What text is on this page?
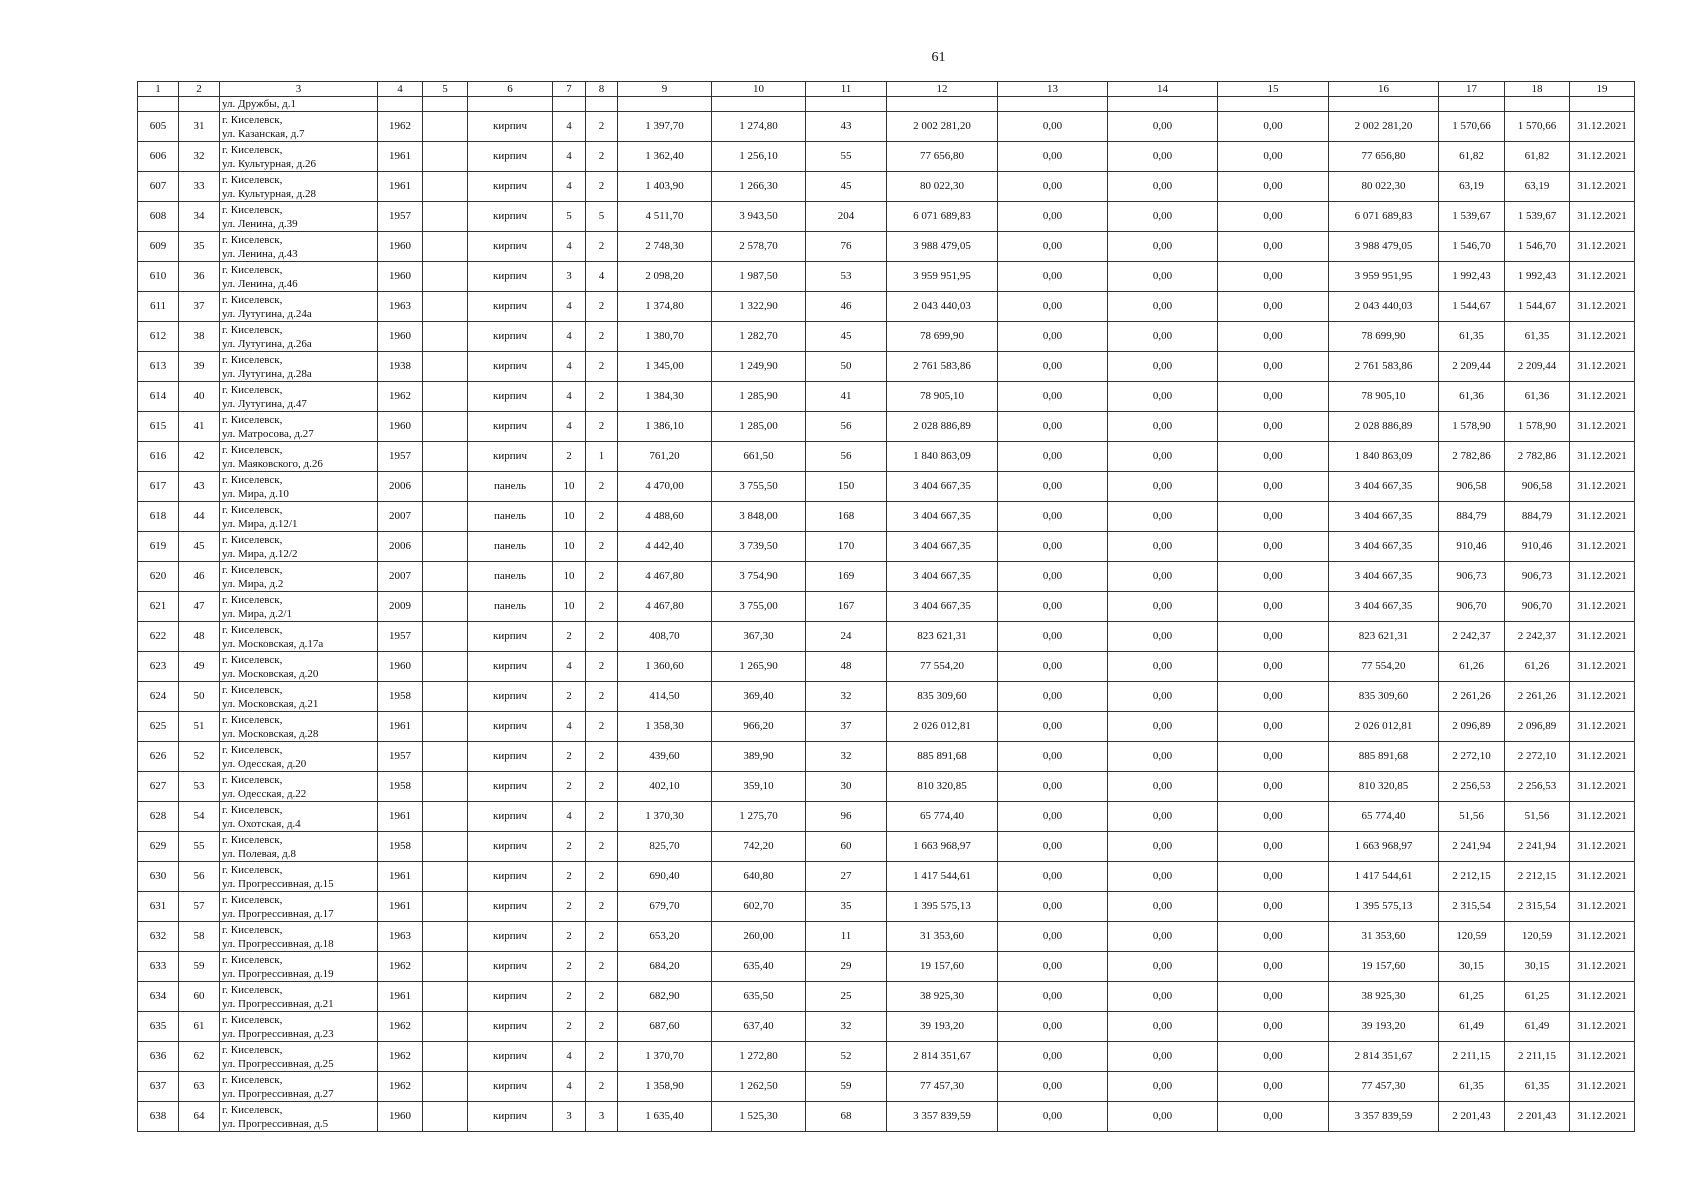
61
1	2	3	4	5	6	7	8	9	10	11	12	13	14	15	16	17	18	19
		ул. Дружбы, д.1																
605	31	г. Киселевск,
ул. Казанская, д.7	1962		кирпич	4	2	1 397,70	1 274,80	43	2 002 281,20	0,00	0,00	0,00	2 002 281,20	1 570,66	1 570,66	31.12.2021
606	32	г. Киселевск,
ул. Культурная, д.26	1961		кирпич	4	2	1 362,40	1 256,10	55	77 656,80	0,00	0,00	0,00	77 656,80	61,82	61,82	31.12.2021
607	33	г. Киселевск,
ул. Культурная, д.28	1961		кирпич	4	2	1 403,90	1 266,30	45	80 022,30	0,00	0,00	0,00	80 022,30	63,19	63,19	31.12.2021
608	34	г. Киселевск,
ул. Ленина, д.39	1957		кирпич	5	5	4 511,70	3 943,50	204	6 071 689,83	0,00	0,00	0,00	6 071 689,83	1 539,67	1 539,67	31.12.2021
609	35	г. Киселевск,
ул. Ленина, д.43	1960		кирпич	4	2	2 748,30	2 578,70	76	3 988 479,05	0,00	0,00	0,00	3 988 479,05	1 546,70	1 546,70	31.12.2021
610	36	г. Киселевск,
ул. Ленина, д.46	1960		кирпич	3	4	2 098,20	1 987,50	53	3 959 951,95	0,00	0,00	0,00	3 959 951,95	1 992,43	1 992,43	31.12.2021
611	37	г. Киселевск,
ул. Лутугина, д.24а	1963		кирпич	4	2	1 374,80	1 322,90	46	2 043 440,03	0,00	0,00	0,00	2 043 440,03	1 544,67	1 544,67	31.12.2021
612	38	г. Киселевск,
ул. Лутугина, д.26а	1960		кирпич	4	2	1 380,70	1 282,70	45	78 699,90	0,00	0,00	0,00	78 699,90	61,35	61,35	31.12.2021
613	39	г. Киселевск,
ул. Лутугина, д.28а	1938		кирпич	4	2	1 345,00	1 249,90	50	2 761 583,86	0,00	0,00	0,00	2 761 583,86	2 209,44	2 209,44	31.12.2021
614	40	г. Киселевск,
ул. Лутугина, д.47	1962		кирпич	4	2	1 384,30	1 285,90	41	78 905,10	0,00	0,00	0,00	78 905,10	61,36	61,36	31.12.2021
615	41	г. Киселевск,
ул. Матросова, д.27	1960		кирпич	4	2	1 386,10	1 285,00	56	2 028 886,89	0,00	0,00	0,00	2 028 886,89	1 578,90	1 578,90	31.12.2021
616	42	г. Киселевск,
ул. Маяковского, д.26	1957		кирпич	2	1	761,20	661,50	56	1 840 863,09	0,00	0,00	0,00	1 840 863,09	2 782,86	2 782,86	31.12.2021
617	43	г. Киселевск,
ул. Мира, д.10	2006		панель	10	2	4 470,00	3 755,50	150	3 404 667,35	0,00	0,00	0,00	3 404 667,35	906,58	906,58	31.12.2021
618	44	г. Киселевск,
ул. Мира, д.12/1	2007		панель	10	2	4 488,60	3 848,00	168	3 404 667,35	0,00	0,00	0,00	3 404 667,35	884,79	884,79	31.12.2021
619	45	г. Киселевск,
ул. Мира, д.12/2	2006		панель	10	2	4 442,40	3 739,50	170	3 404 667,35	0,00	0,00	0,00	3 404 667,35	910,46	910,46	31.12.2021
620	46	г. Киселевск,
ул. Мира, д.2	2007		панель	10	2	4 467,80	3 754,90	169	3 404 667,35	0,00	0,00	0,00	3 404 667,35	906,73	906,73	31.12.2021
621	47	г. Киселевск,
ул. Мира, д.2/1	2009		панель	10	2	4 467,80	3 755,00	167	3 404 667,35	0,00	0,00	0,00	3 404 667,35	906,70	906,70	31.12.2021
622	48	г. Киселевск,
ул. Московская, д.17а	1957		кирпич	2	2	408,70	367,30	24	823 621,31	0,00	0,00	0,00	823 621,31	2 242,37	2 242,37	31.12.2021
623	49	г. Киселевск,
ул. Московская, д.20	1960		кирпич	4	2	1 360,60	1 265,90	48	77 554,20	0,00	0,00	0,00	77 554,20	61,26	61,26	31.12.2021
624	50	г. Киселевск,
ул. Московская, д.21	1958		кирпич	2	2	414,50	369,40	32	835 309,60	0,00	0,00	0,00	835 309,60	2 261,26	2 261,26	31.12.2021
625	51	г. Киселевск,
ул. Московская, д.28	1961		кирпич	4	2	1 358,30	966,20	37	2 026 012,81	0,00	0,00	0,00	2 026 012,81	2 096,89	2 096,89	31.12.2021
626	52	г. Киселевск,
ул. Одесская, д.20	1957		кирпич	2	2	439,60	389,90	32	885 891,68	0,00	0,00	0,00	885 891,68	2 272,10	2 272,10	31.12.2021
627	53	г. Киселевск,
ул. Одесская, д.22	1958		кирпич	2	2	402,10	359,10	30	810 320,85	0,00	0,00	0,00	810 320,85	2 256,53	2 256,53	31.12.2021
628	54	г. Киселевск,
ул. Охотская, д.4	1961		кирпич	4	2	1 370,30	1 275,70	96	65 774,40	0,00	0,00	0,00	65 774,40	51,56	51,56	31.12.2021
629	55	г. Киселевск,
ул. Полевая, д.8	1958		кирпич	2	2	825,70	742,20	60	1 663 968,97	0,00	0,00	0,00	1 663 968,97	2 241,94	2 241,94	31.12.2021
630	56	г. Киселевск,
ул. Прогрессивная, д.15	1961		кирпич	2	2	690,40	640,80	27	1 417 544,61	0,00	0,00	0,00	1 417 544,61	2 212,15	2 212,15	31.12.2021
631	57	г. Киселевск,
ул. Прогрессивная, д.17	1961		кирпич	2	2	679,70	602,70	35	1 395 575,13	0,00	0,00	0,00	1 395 575,13	2 315,54	2 315,54	31.12.2021
632	58	г. Киселевск,
ул. Прогрессивная, д.18	1963		кирпич	2	2	653,20	260,00	11	31 353,60	0,00	0,00	0,00	31 353,60	120,59	120,59	31.12.2021
633	59	г. Киселевск,
ул. Прогрессивная, д.19	1962		кирпич	2	2	684,20	635,40	29	19 157,60	0,00	0,00	0,00	19 157,60	30,15	30,15	31.12.2021
634	60	г. Киселевск,
ул. Прогрессивная, д.21	1961		кирпич	2	2	682,90	635,50	25	38 925,30	0,00	0,00	0,00	38 925,30	61,25	61,25	31.12.2021
635	61	г. Киселевск,
ул. Прогрессивная, д.23	1962		кирпич	2	2	687,60	637,40	32	39 193,20	0,00	0,00	0,00	39 193,20	61,49	61,49	31.12.2021
636	62	г. Киселевск,
ул. Прогрессивная, д.25	1962		кирпич	4	2	1 370,70	1 272,80	52	2 814 351,67	0,00	0,00	0,00	2 814 351,67	2 211,15	2 211,15	31.12.2021
637	63	г. Киселевск,
ул. Прогрессивная, д.27	1962		кирпич	4	2	1 358,90	1 262,50	59	77 457,30	0,00	0,00	0,00	77 457,30	61,35	61,35	31.12.2021
638	64	г. Киселевск,
ул. Прогрессивная, д.5	1960		кирпич	3	3	1 635,40	1 525,30	68	3 357 839,59	0,00	0,00	0,00	3 357 839,59	2 201,43	2 201,43	31.12.2021
